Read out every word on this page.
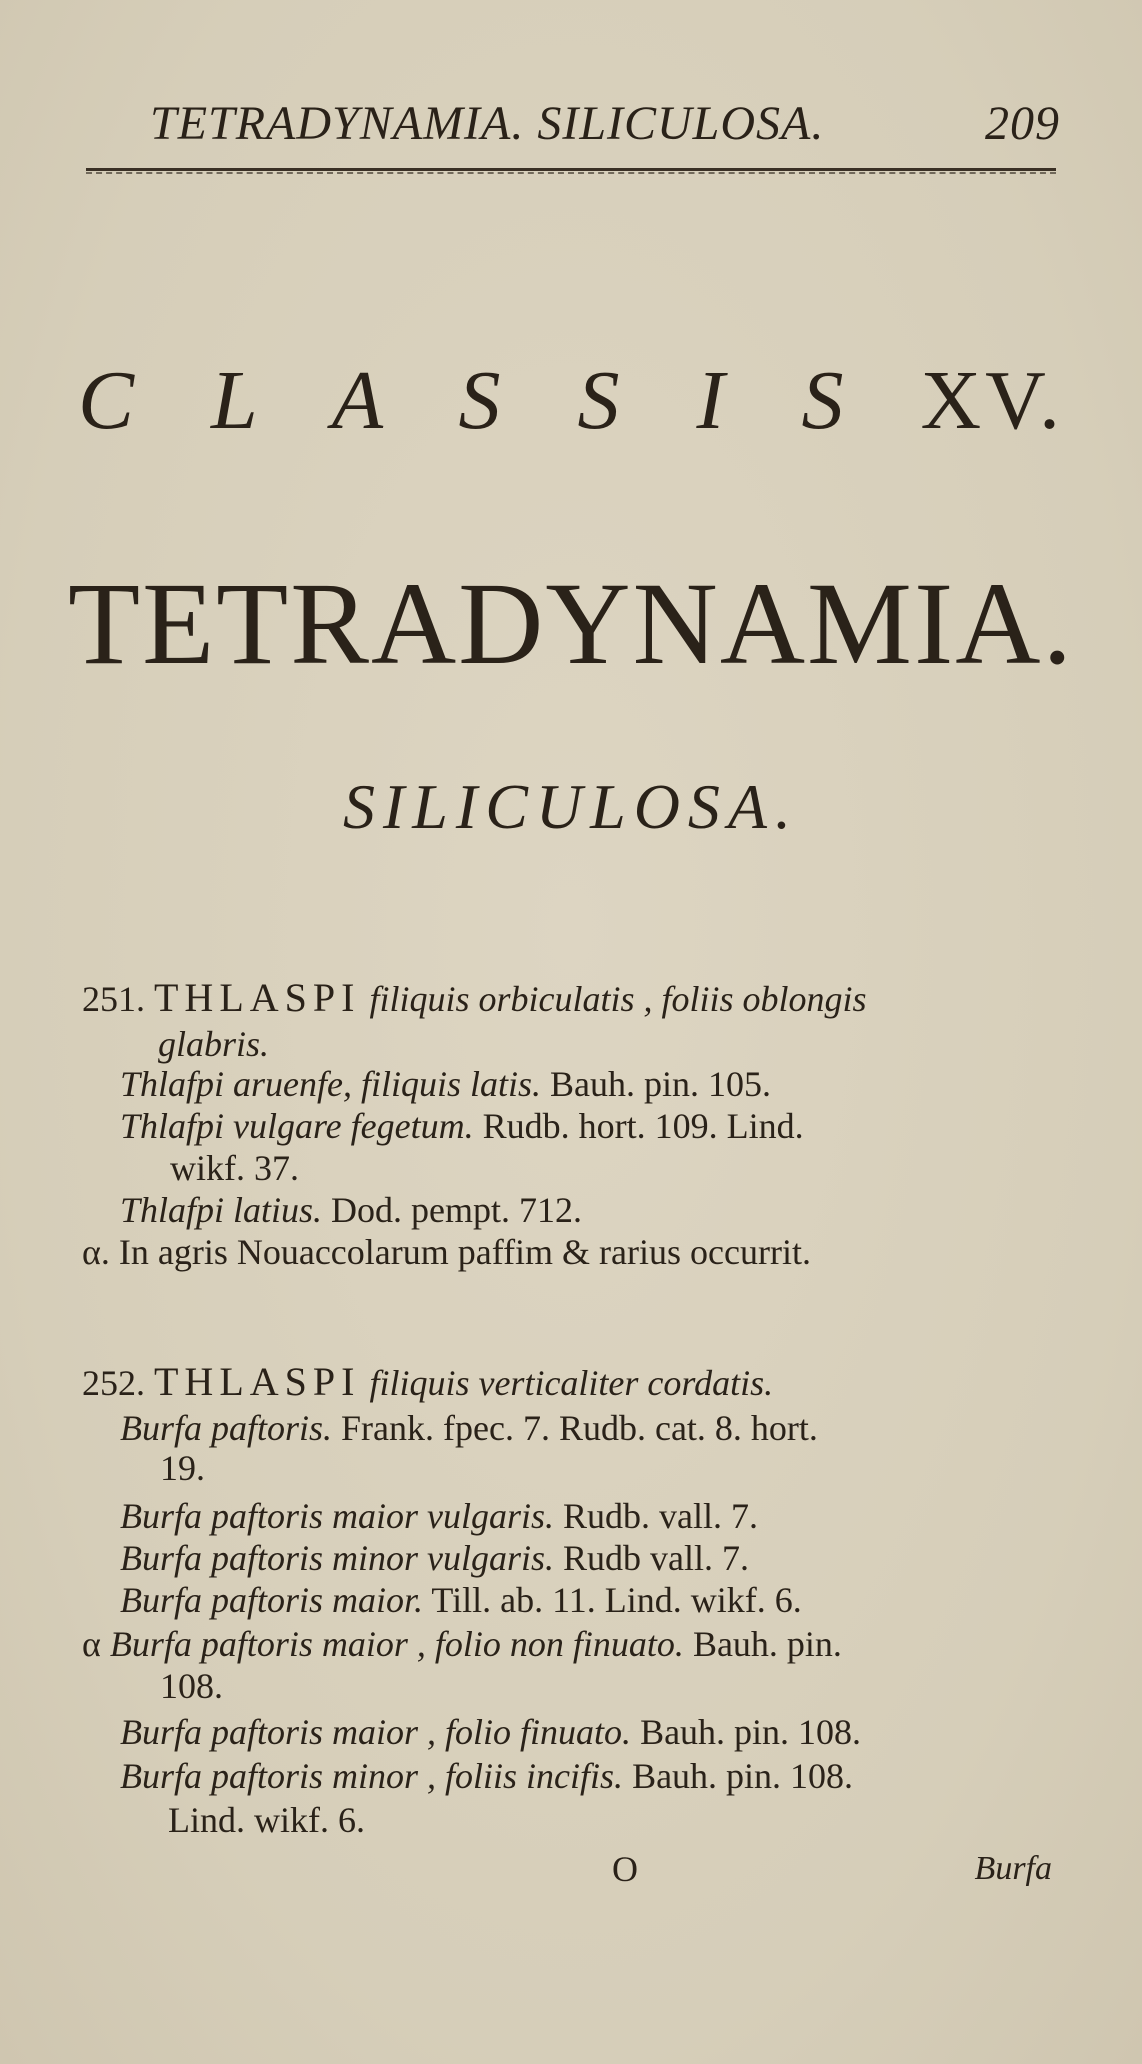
TETRADYNAMIA. SILICULOSA.	209
C L A S S I S XV.
TETRADYNAMIA.
SILICULOSA.
251. THLASPI filiquis orbiculatis , foliis oblongis
glabris.
Thlafpi aruenfe, filiquis latis. Bauh. pin. 105.
Thlafpi vulgare fegetum. Rudb. hort. 109. Lind.
wikf. 37.
Thlafpi latius. Dod. pempt. 712.
α. In agris Nouaccolarum paffim & rarius occurrit.
252. THLASPI filiquis verticaliter cordatis.
Burfa paftoris. Frank. fpec. 7. Rudb. cat. 8. hort.
19.
Burfa paftoris maior vulgaris. Rudb. vall. 7.
Burfa paftoris minor vulgaris. Rudb vall. 7.
Burfa paftoris maior. Till. ab. 11. Lind. wikf. 6.
α Burfa paftoris maior , folio non finuato. Bauh. pin.
108.
Burfa paftoris maior , folio finuato. Bauh. pin. 108.
Burfa paftoris minor , foliis incifis. Bauh. pin. 108.
Lind. wikf. 6.
O	Burfa
